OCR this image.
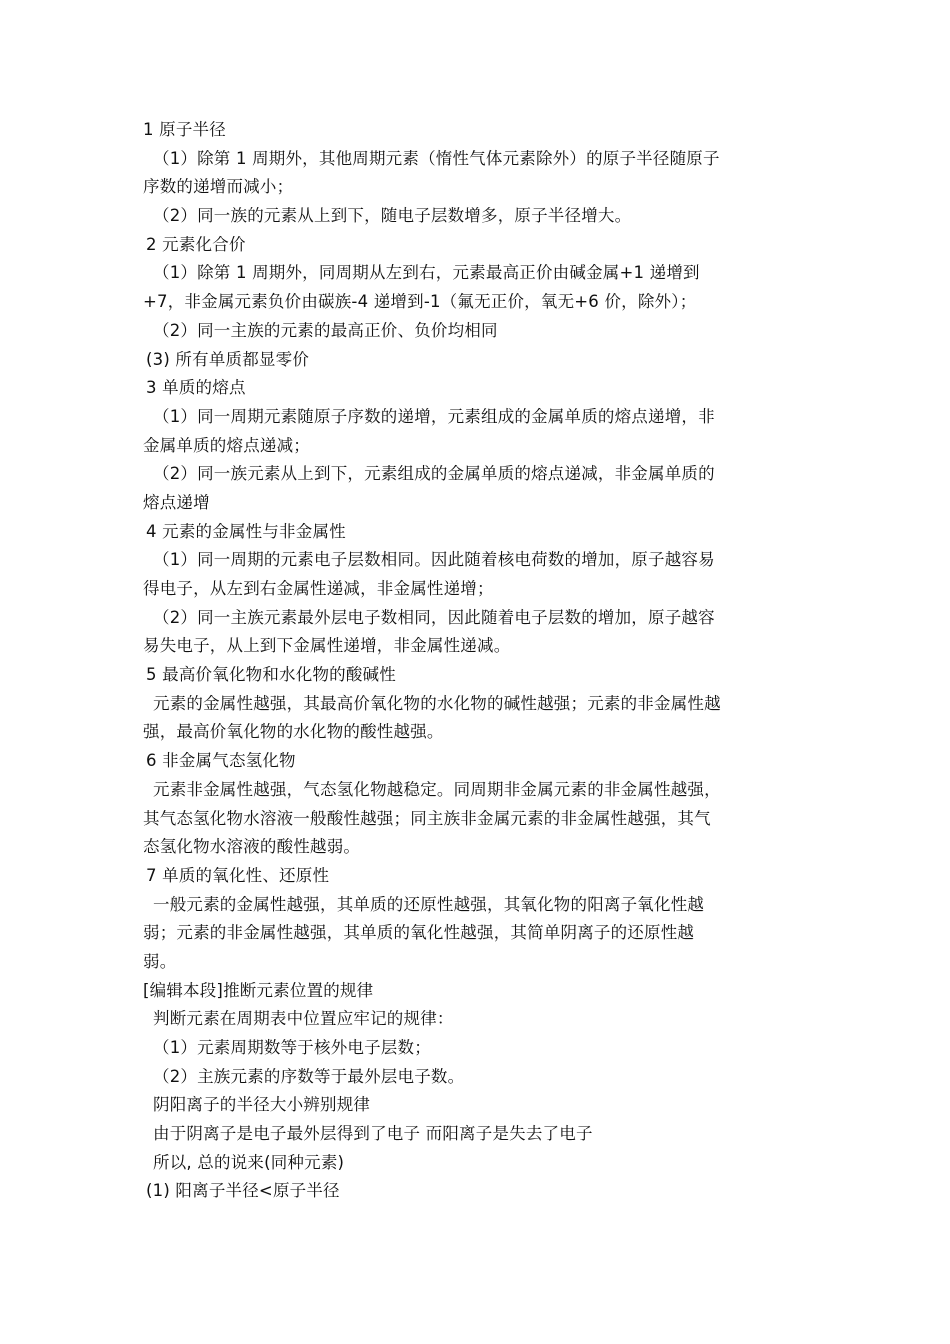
1 原子半径
（1）除第 1 周期外，其他周期元素（惰性气体元素除外）的原子半径随原子
序数的递增而减小；
（2）同一族的元素从上到下，随电子层数增多，原子半径增大。
2 元素化合价
（1）除第 1 周期外，同周期从左到右，元素最高正价由碱金属+1 递增到
+7，非金属元素负价由碳族-4 递增到-1（氟无正价，氧无+6 价，除外）；
（2）同一主族的元素的最高正价、负价均相同
(3) 所有单质都显零价
3 单质的熔点
（1）同一周期元素随原子序数的递增，元素组成的金属单质的熔点递增，非
金属单质的熔点递减；
（2）同一族元素从上到下，元素组成的金属单质的熔点递减，非金属单质的
熔点递增
4 元素的金属性与非金属性
（1）同一周期的元素电子层数相同。因此随着核电荷数的增加，原子越容易
得电子，从左到右金属性递减，非金属性递增；
（2）同一主族元素最外层电子数相同，因此随着电子层数的增加，原子越容
易失电子，从上到下金属性递增，非金属性递减。
5 最高价氧化物和水化物的酸碱性
元素的金属性越强，其最高价氧化物的水化物的碱性越强；元素的非金属性越
强，最高价氧化物的水化物的酸性越强。
6 非金属气态氢化物
元素非金属性越强，气态氢化物越稳定。同周期非金属元素的非金属性越强，
其气态氢化物水溶液一般酸性越强；同主族非金属元素的非金属性越强，其气
态氢化物水溶液的酸性越弱。
7 单质的氧化性、还原性
一般元素的金属性越强，其单质的还原性越强，其氧化物的阳离子氧化性越
弱；元素的非金属性越强，其单质的氧化性越强，其简单阴离子的还原性越
弱。
[编辑本段]推断元素位置的规律
判断元素在周期表中位置应牢记的规律：
（1）元素周期数等于核外电子层数；
（2）主族元素的序数等于最外层电子数。
阴阳离子的半径大小辨别规律
由于阴离子是电子最外层得到了电子 而阳离子是失去了电子
所以, 总的说来(同种元素)
(1) 阳离子半径<原子半径
